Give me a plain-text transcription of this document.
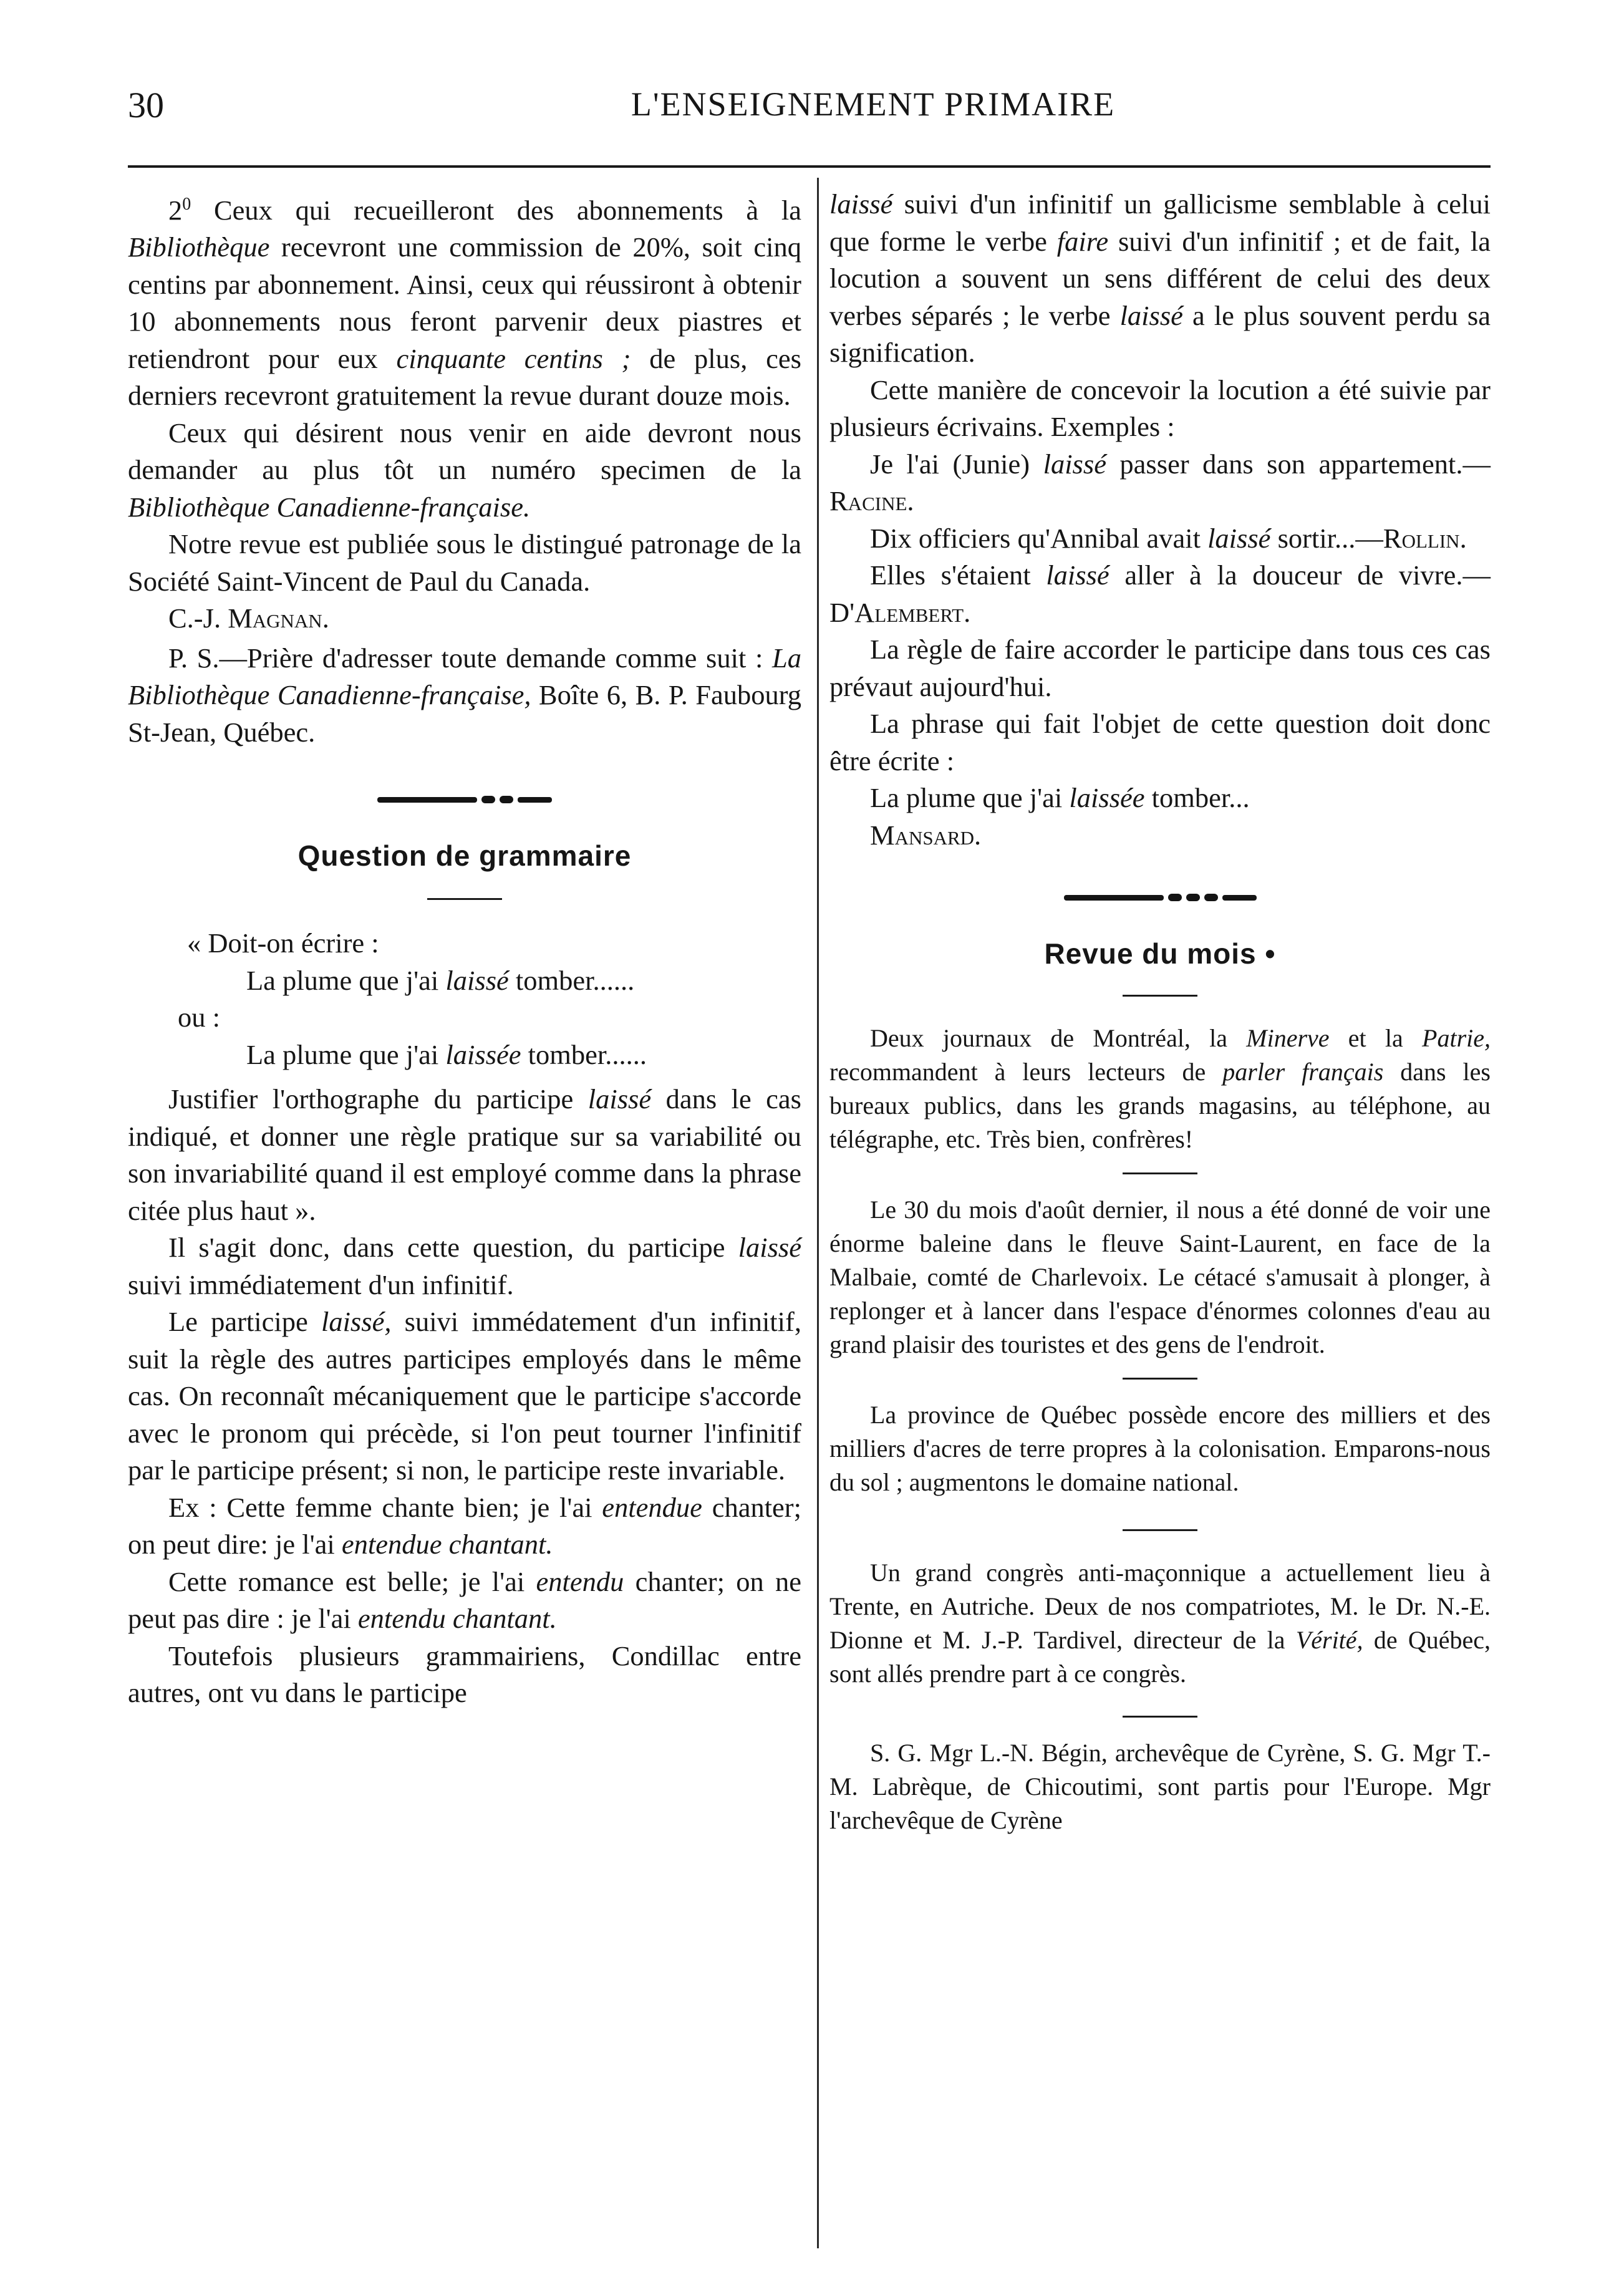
30	L'ENSEIGNEMENT PRIMAIRE

$2^0$ Ceux qui recueilleront des abonnements à la Bibliothèque recevront une commission de 20%, soit cinq centins par abonnement. Ainsi, ceux qui réussiront à obtenir 10 abonnements nous feront parvenir deux piastres et retiendront pour eux cinquante centins ; de plus, ces derniers recevront gratuitement la revue durant douze mois.

Ceux qui désirent nous venir en aide devront nous demander au plus tôt un numéro specimen de la Bibliothèque Canadienne-française.

Notre revue est publiée sous le distingué patronage de la Société Saint-Vincent de Paul du Canada.

C.-J. Magnan.

P. S.—Prière d'adresser toute demande comme suit : La Bibliothèque Canadienne-française, Boîte 6, B. P. Faubourg St-Jean, Québec.

Question de grammaire

« Doit-on écrire :

La plume que j'ai laissé tomber......

ou :

La plume que j'ai laissée tomber......

Justifier l'orthographe du participe laissé dans le cas indiqué, et donner une règle pratique sur sa variabilité ou son invariabilité quand il est employé comme dans la phrase citée plus haut ».

Il s'agit donc, dans cette question, du participe laissé suivi immédiatement d'un infinitif.

Le participe laissé, suivi immédatement d'un infinitif, suit la règle des autres participes employés dans le même cas. On reconnaît mécaniquement que le participe s'accorde avec le pronom qui précède, si l'on peut tourner l'infinitif par le participe présent; si non, le participe reste invariable.

Ex : Cette femme chante bien; je l'ai entendue chanter; on peut dire: je l'ai entendue chantant.

Cette romance est belle; je l'ai entendu chanter; on ne peut pas dire : je l'ai entendu chantant.

Toutefois plusieurs grammairiens, Condillac entre autres, ont vu dans le participe

laissé suivi d'un infinitif un gallicisme semblable à celui que forme le verbe faire suivi d'un infinitif ; et de fait, la locution a souvent un sens différent de celui des deux verbes séparés ; le verbe laissé a le plus souvent perdu sa signification.

Cette manière de concevoir la locution a été suivie par plusieurs écrivains. Exemples :

Je l'ai (Junie) laissé passer dans son appartement.—Racine.

Dix officiers qu'Annibal avait laissé sortir...—Rollin.

Elles s'étaient laissé aller à la douceur de vivre.—D'Alembert.

La règle de faire accorder le participe dans tous ces cas prévaut aujourd'hui.

La phrase qui fait l'objet de cette question doit donc être écrite :

La plume que j'ai laissée tomber...

Mansard.

Revue du mois •

Deux journaux de Montréal, la Minerve et la Patrie, recommandent à leurs lecteurs de parler français dans les bureaux publics, dans les grands magasins, au téléphone, au télégraphe, etc. Très bien, confrères!

Le 30 du mois d'août dernier, il nous a été donné de voir une énorme baleine dans le fleuve Saint-Laurent, en face de la Malbaie, comté de Charlevoix. Le cétacé s'amusait à plonger, à replonger et à lancer dans l'espace d'énormes colonnes d'eau au grand plaisir des touristes et des gens de l'endroit.

La province de Québec possède encore des milliers et des milliers d'acres de terre propres à la colonisation. Emparons-nous du sol ; augmentons le domaine national.

Un grand congrès anti-maçonnique a actuellement lieu à Trente, en Autriche. Deux de nos compatriotes, M. le Dr. N.-E. Dionne et M. J.-P. Tardivel, directeur de la Vérité, de Québec, sont allés prendre part à ce congrès.

S. G. Mgr L.-N. Bégin, archevêque de Cyrène, S. G. Mgr T.-M. Labrèque, de Chicoutimi, sont partis pour l'Europe. Mgr l'archevêque de Cyrène
